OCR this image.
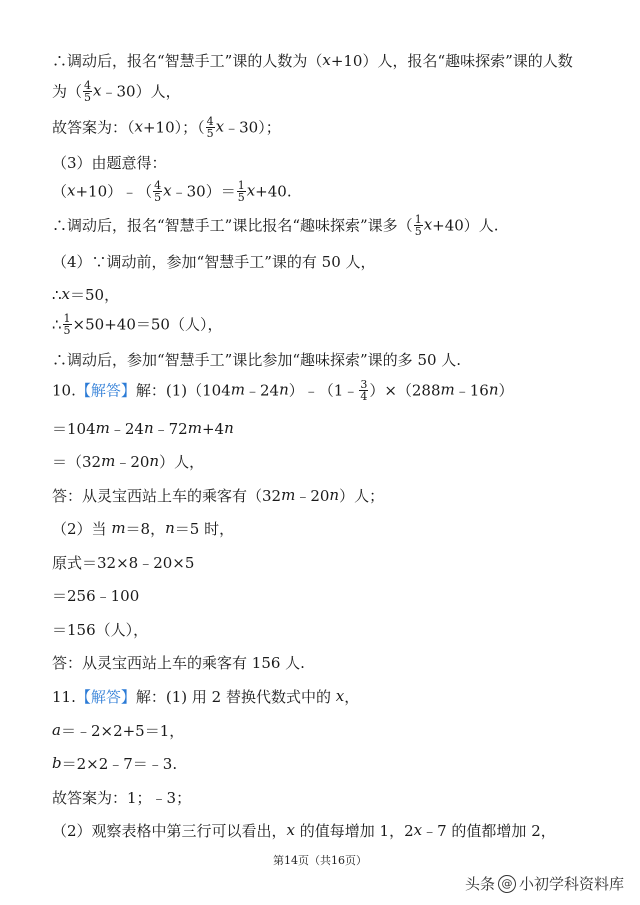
∴调动后，报名“智慧手工”课的人数为（x+10）人，报名“趣味探索”课的人数
为（ $\frac{4}{5}$ x﹣30）人，
故答案为：（x+10）；（ $\frac{4}{5}$ x﹣30）；
（3）由题意得：
（x+10）﹣（ $\frac{4}{5}$ x﹣30）＝ $\frac{1}{5} x+40$.
∴调动后，报名“智慧手工”课比报名“趣味探索”课多（ $\frac{1}{5} x+40$）人.
（4）∵调动前，参加“智慧手工”课的有 50 人，
∴x＝50，
∴ $\frac{1}{5} \times 50+40=50$（人），
∴调动后，参加“智慧手工”课比参加“趣味探索”课的多 50 人.
10.【解答】解：(1)（104m﹣24n）﹣（1﹣ $\frac{3}{4}$ ）×（288m﹣16n）
＝104m﹣24n﹣72m+4n
＝（32m﹣20n）人，
答：从灵宝西站上车的乘客有（32m﹣20n）人；
（2）当 m＝8，n＝5 时，
原式＝32×8﹣20×5
＝256﹣100
＝156（人），
答：从灵宝西站上车的乘客有 156 人.
11.【解答】解：(1) 用 2 替换代数式中的 x，
a＝﹣2×2+5＝1，
b＝2×2﹣7＝﹣3.
故答案为：1；﹣3；
（2）观察表格中第三行可以看出，x 的值每增加 1，2x﹣7 的值都增加 2，
第14页（共16页）
头条 @ 小初学科资料库
